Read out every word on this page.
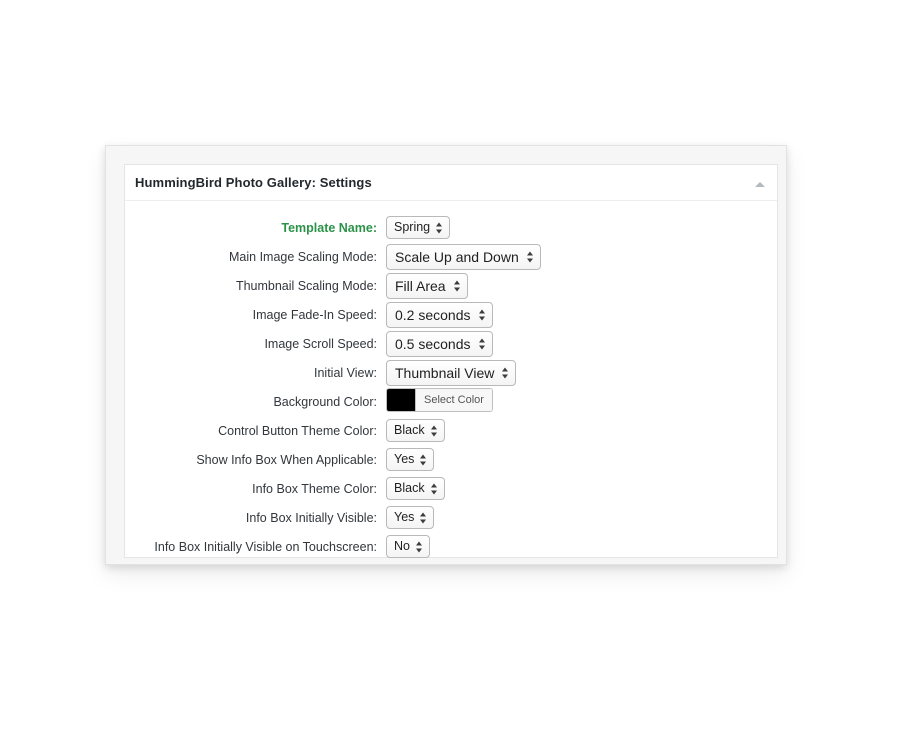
HummingBird Photo Gallery: Settings
Template Name:	Spring

Main Image Scaling Mode:	Scale Up and Down

Thumbnail Scaling Mode:	Fill Area

Image Fade-In Speed:	0.2 seconds

Image Scroll Speed:	0.5 seconds

Initial View:	Thumbnail View

Background Color:	Select Color

Control Button Theme Color:	Black

Show Info Box When Applicable:	Yes

Info Box Theme Color:	Black

Info Box Initially Visible:	Yes

Info Box Initially Visible on Touchscreen:	No
